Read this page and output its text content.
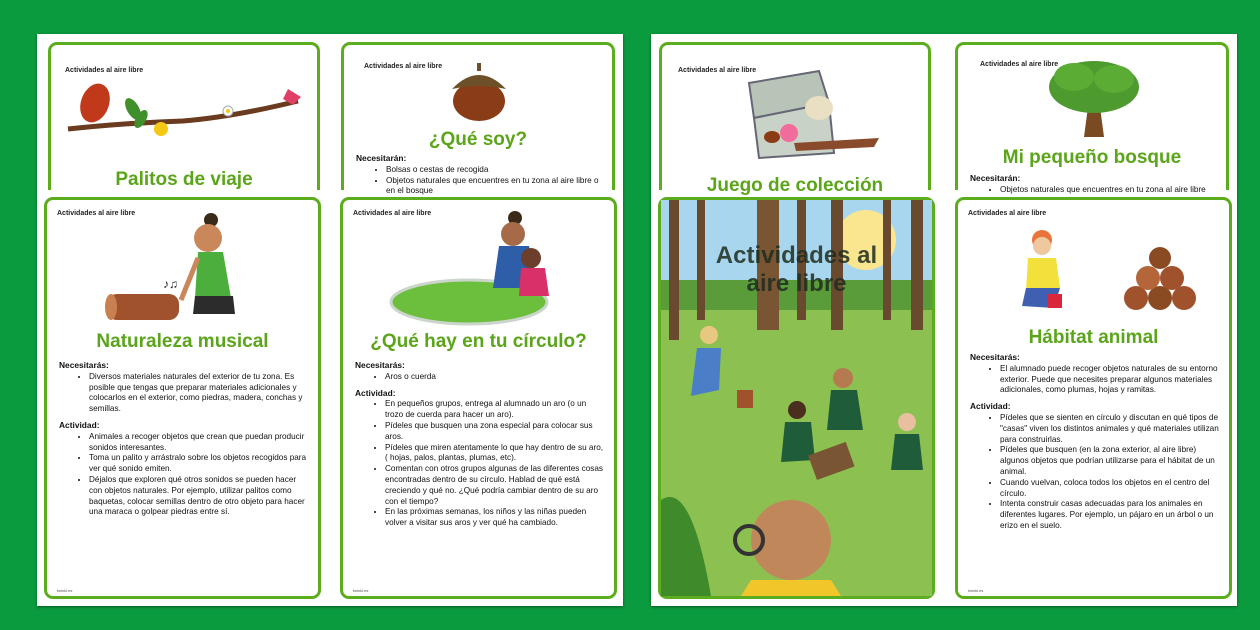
Actividades al aire libre
Palitos de viaje
Actividades al aire libre
¿Qué soy?
Necesitarán:
• Bolsas o cestas de recogida
• Objetos naturales que encuentres en tu zona al aire libre o en el bosque
Actividades al aire libre
Juego de colección
Actividades al aire libre
Mi pequeño bosque
Necesitarán:
• Objetos naturales que encuentres en tu zona al aire libre
Actividades al aire libre
♪♫
Naturaleza musical
Necesitarás:
• Diversos materiales naturales del exterior de tu zona. Es posible que tengas que preparar materiales adicionales y colocarlos en el exterior, como piedras, madera, conchas y semillas.
Actividad:
• Animales a recoger objetos que crean que puedan producir sonidos interesantes.
• Toma un palito y arrástralo sobre los objetos recogidos para ver qué sonido emiten.
• Déjalos que exploren qué otros sonidos se pueden hacer con objetos naturales. Por ejemplo, utilizar palitos como baquetas, colocar semillas dentro de otro objeto para hacer una maraca o golpear piedras entre sí.
twinkl.es
Actividades al aire libre
¿Qué hay en tu círculo?
Necesitarás:
• Aros o cuerda
Actividad:
• En pequeños grupos, entrega al alumnado un aro (o un trozo de cuerda para hacer un aro).
• Pídeles que busquen una zona especial para colocar sus aros.
• Pídeles que miren atentamente lo que hay dentro de su aro, ( hojas, palos, plantas, plumas, etc).
• Comentan con otros grupos algunas de las diferentes cosas encontradas dentro de su círculo. Hablad de qué está creciendo y qué no. ¿Qué podría cambiar dentro de su aro con el tiempo?
• En las próximas semanas, los niños y las niñas pueden volver a visitar sus aros y ver qué ha cambiado.
twinkl.es
Actividades al aire libre
Actividades al aire libre
Hábitat animal
Necesitarás:
• El alumnado puede recoger objetos naturales de su entorno exterior. Puede que necesites preparar algunos materiales adicionales, como plumas, hojas y ramitas.
Actividad:
• Pídeles que se sienten en círculo y discutan en qué tipos de "casas" viven los distintos animales y qué materiales utilizan para construirlas.
• Pídeles que busquen (en la zona exterior, al aire libre) algunos objetos que podrían utilizarse para el hábitat de un animal.
• Cuando vuelvan, coloca todos los objetos en el centro del círculo.
• Intenta construir casas adecuadas para los animales en diferentes lugares. Por ejemplo, un pájaro en un árbol o un erizo en el suelo.
twinkl.es
